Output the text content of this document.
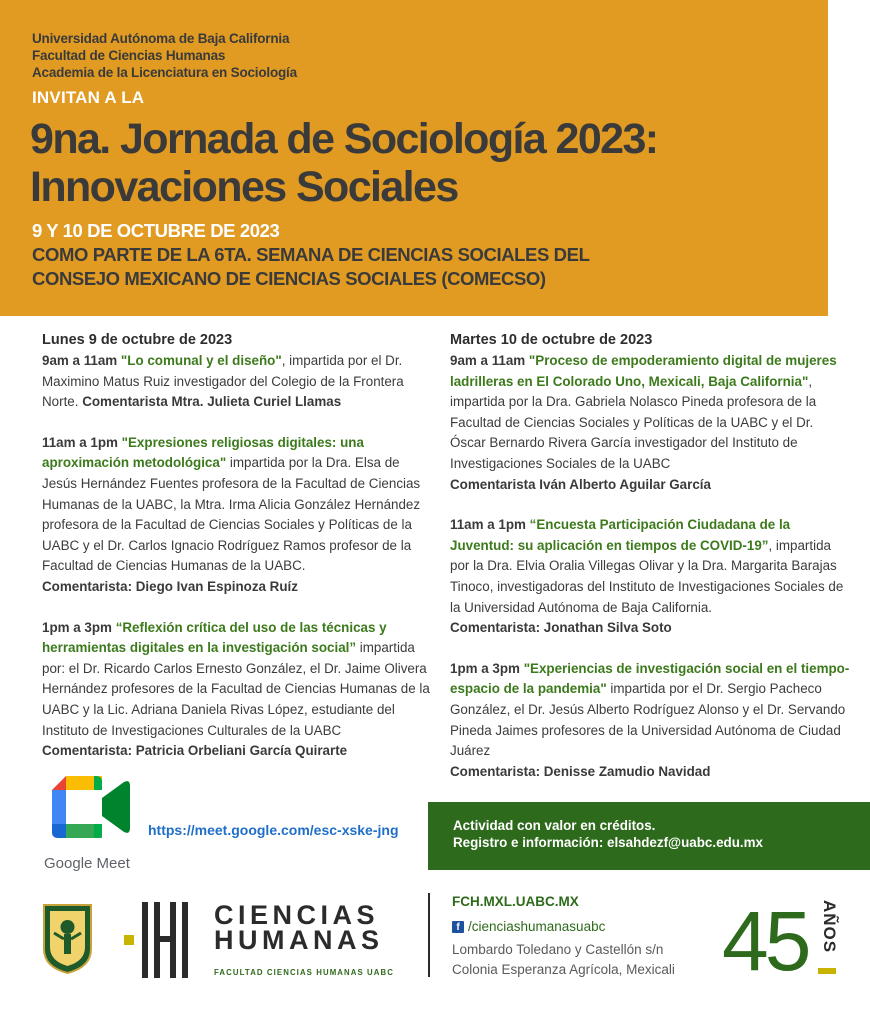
Universidad Autónoma de Baja California
Facultad de Ciencias Humanas
Academia de la Licenciatura en Sociología
INVITAN A LA
9na. Jornada de Sociología 2023:
Innovaciones Sociales
9 Y 10 DE OCTUBRE DE 2023
COMO PARTE DE LA 6TA. SEMANA DE CIENCIAS SOCIALES DEL
CONSEJO MEXICANO DE CIENCIAS SOCIALES (COMECSO)
Lunes 9 de octubre de 2023
9am a 11am "Lo comunal y el diseño", impartida por el Dr. Maximino Matus Ruiz investigador del Colegio de la Frontera Norte. Comentarista Mtra. Julieta Curiel Llamas
11am a 1pm "Expresiones religiosas digitales: una aproximación metodológica" impartida por la Dra. Elsa de Jesús Hernández Fuentes profesora de la Facultad de Ciencias Humanas de la UABC, la Mtra. Irma Alicia González Hernández profesora de la Facultad de Ciencias Sociales y Políticas de la UABC y el Dr. Carlos Ignacio Rodríguez Ramos profesor de la Facultad de Ciencias Humanas de la UABC.
Comentarista: Diego Ivan Espinoza Ruíz
1pm a 3pm “Reflexión crítica del uso de las técnicas y herramientas digitales en la investigación social” impartida por: el Dr. Ricardo Carlos Ernesto González, el Dr. Jaime Olivera Hernández profesores de la Facultad de Ciencias Humanas de la UABC y la Lic. Adriana Daniela Rivas López, estudiante del Instituto de Investigaciones Culturales de la UABC
Comentarista: Patricia Orbeliani García Quirarte
Martes 10 de octubre de 2023
9am a 11am "Proceso de empoderamiento digital de mujeres ladrilleras en El Colorado Uno, Mexicali, Baja California", impartida por la Dra. Gabriela Nolasco Pineda profesora de la Facultad de Ciencias Sociales y Políticas de la UABC y el Dr. Óscar Bernardo Rivera García investigador del Instituto de Investigaciones Sociales de la UABC
Comentarista Iván Alberto Aguilar García
11am a 1pm “Encuesta Participación Ciudadana de la Juventud: su aplicación en tiempos de COVID-19”, impartida por la Dra. Elvia Oralia Villegas Olivar y la Dra. Margarita Barajas Tinoco, investigadoras del Instituto de Investigaciones Sociales de la Universidad Autónoma de Baja California.
Comentarista: Jonathan Silva Soto
1pm a 3pm "Experiencias de investigación social en el tiempo-espacio de la pandemia" impartida por el Dr. Sergio Pacheco González, el Dr. Jesús Alberto Rodríguez Alonso y el Dr. Servando Pineda Jaimes profesores de la Universidad Autónoma de Ciudad Juárez
Comentarista: Denisse Zamudio Navidad
Google Meet
https://meet.google.com/esc-xske-jng	Actividad con valor en créditos.
Registro e información: elsahdezf@uabc.edu.mx
CIENCIAS
HUMANAS
FACULTAD CIENCIAS HUMANAS UABC
FCH.MXL.UABC.MX
f /cienciashumanasuabc
Lombardo Toledano y Castellón s/n
Colonia Esperanza Agrícola, Mexicali 45 AÑOS
